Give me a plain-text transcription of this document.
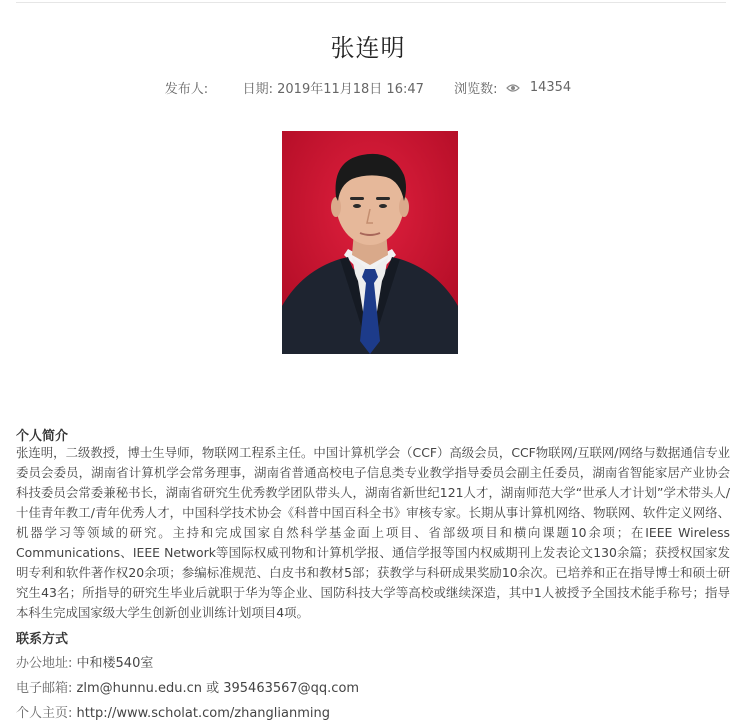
张连明
发布人:	日期: 2019年11月18日 16:47 浏览数: 14354
个人简介

张连明，二级教授，博士生导师，物联网工程系主任。中国计算机学会（CCF）高级会员，CCF物联网/互联网/网络与数据通信专业委员会委员，湖南省计算机学会常务理事，湖南省普通高校电子信息类专业教学指导委员会副主任委员，湖南省智能家居产业协会科技委员会常委兼秘书长，湖南省研究生优秀教学团队带头人，湖南省新世纪121人才，湖南师范大学“世承人才计划”学术带头人/十佳青年教工/青年优秀人才，中国科学技术协会《科普中国百科全书》审核专家。长期从事计算机网络、物联网、软件定义网络、机器学习等领域的研究。主持和完成国家自然科学基金面上项目、省部级项目和横向课题10余项；在IEEE Wireless Communications、IEEE Network等国际权威刊物和计算机学报、通信学报等国内权威期刊上发表论文130余篇；获授权国家发明专利和软件著作权20余项；参编标准规范、白皮书和教材5部；获教学与科研成果奖励10余次。已培养和正在指导博士和硕士研究生43名；所指导的研究生毕业后就职于华为等企业、国防科技大学等高校或继续深造，其中1人被授予全国技术能手称号；指导本科生完成国家级大学生创新创业训练计划项目4项。

联系方式
办公地址: 中和楼540室
电子邮箱: zlm@hunnu.edu.cn 或 395463567@qq.com
个人主页: http://www.scholat.com/zhanglianming
